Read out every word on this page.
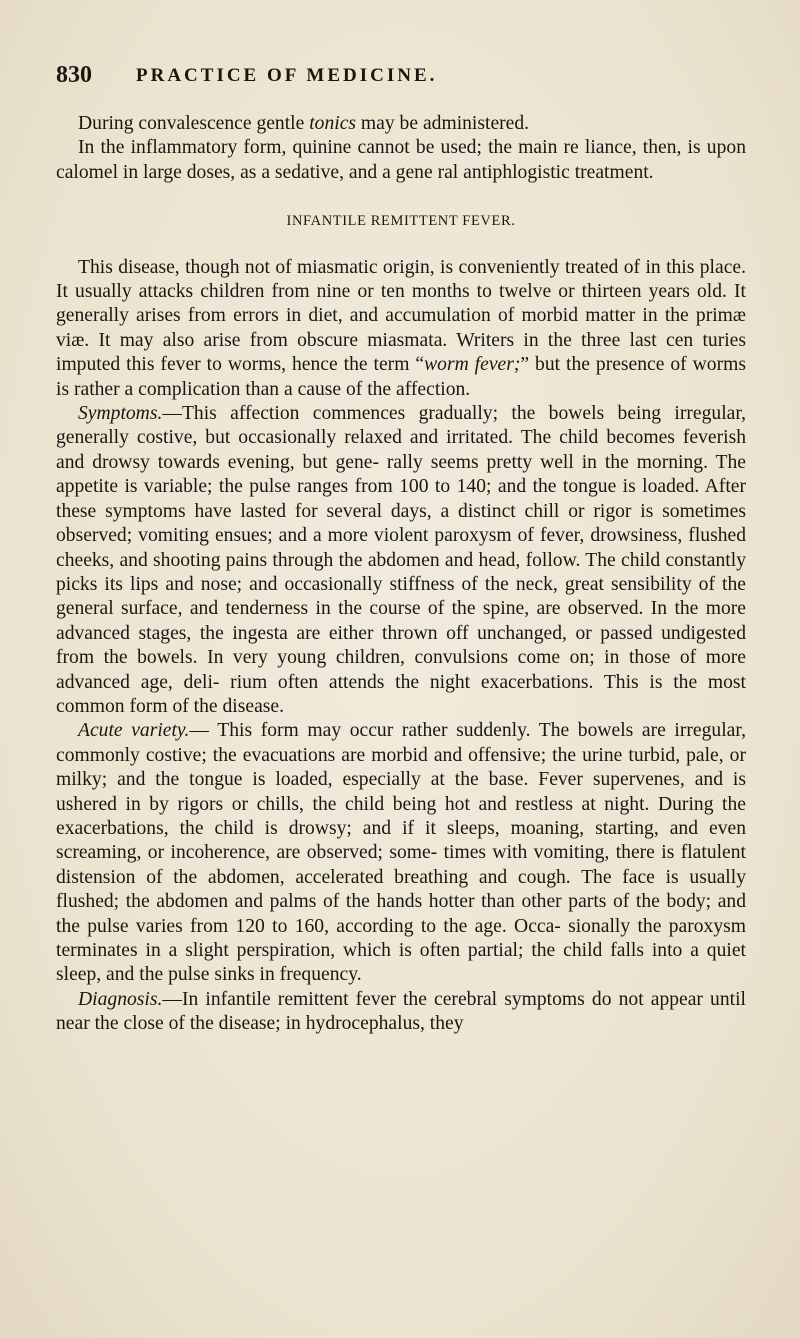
830 PRACTICE OF MEDICINE.

During convalescence gentle tonics may be administered.

In the inflammatory form, quinine cannot be used; the main re liance, then, is upon calomel in large doses, as a sedative, and a gene ral antiphlogistic treatment.

INFANTILE REMITTENT FEVER.

This disease, though not of miasmatic origin, is conveniently treated of in this place. It usually attacks children from nine or ten months to twelve or thirteen years old. It generally arises from errors in diet, and accumulation of morbid matter in the primæ viæ. It may also arise from obscure miasmata. Writers in the three last cen turies imputed this fever to worms, hence the term “worm fever;” but the presence of worms is rather a complication than a cause of the affection.

Symptoms.—This affection commences gradually; the bowels being irregular, generally costive, but occasionally relaxed and irritated. The child becomes feverish and drowsy towards evening, but gene- rally seems pretty well in the morning. The appetite is variable; the pulse ranges from 100 to 140; and the tongue is loaded. After these symptoms have lasted for several days, a distinct chill or rigor is sometimes observed; vomiting ensues; and a more violent paroxysm of fever, drowsiness, flushed cheeks, and shooting pains through the abdomen and head, follow. The child constantly picks its lips and nose; and occasionally stiffness of the neck, great sensibility of the general surface, and tenderness in the course of the spine, are observed. In the more advanced stages, the ingesta are either thrown off unchanged, or passed undigested from the bowels. In very young children, convulsions come on; in those of more advanced age, deli- rium often attends the night exacerbations. This is the most common form of the disease.

Acute variety.— This form may occur rather suddenly. The bowels are irregular, commonly costive; the evacuations are morbid and offensive; the urine turbid, pale, or milky; and the tongue is loaded, especially at the base. Fever supervenes, and is ushered in by rigors or chills, the child being hot and restless at night. During the exacerbations, the child is drowsy; and if it sleeps, moaning, starting, and even screaming, or incoherence, are observed; some- times with vomiting, there is flatulent distension of the abdomen, accelerated breathing and cough. The face is usually flushed; the abdomen and palms of the hands hotter than other parts of the body; and the pulse varies from 120 to 160, according to the age. Occa- sionally the paroxysm terminates in a slight perspiration, which is often partial; the child falls into a quiet sleep, and the pulse sinks in frequency.

Diagnosis.—In infantile remittent fever the cerebral symptoms do not appear until near the close of the disease; in hydrocephalus, they
